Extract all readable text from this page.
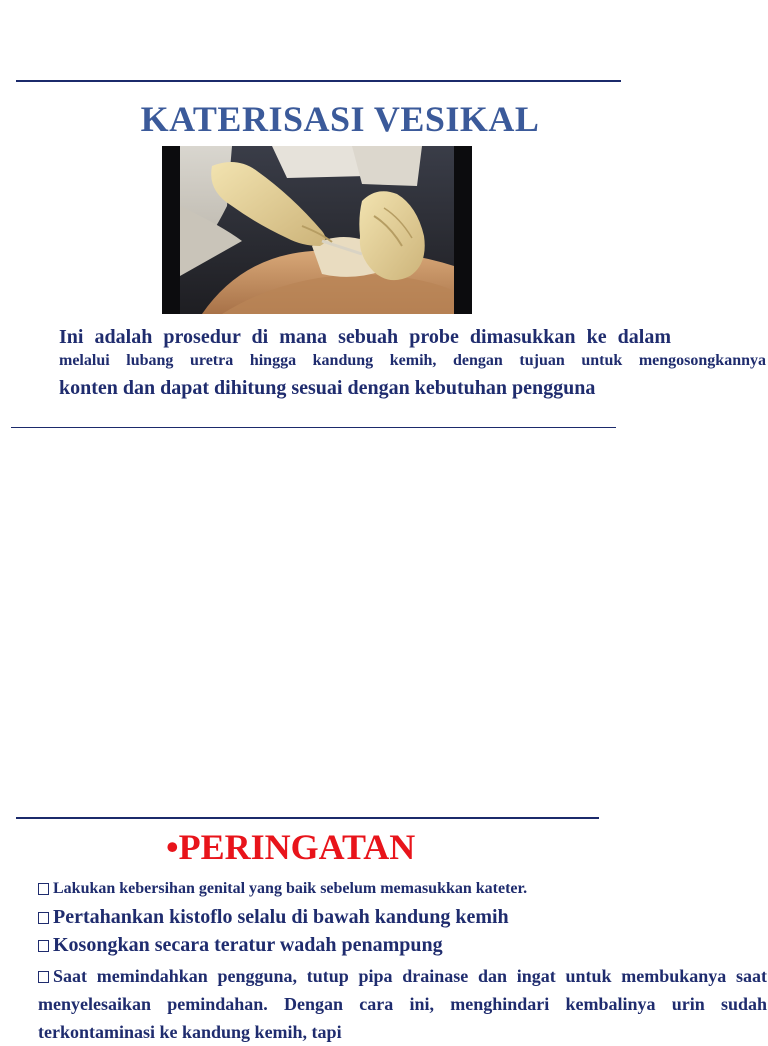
KATERISASI VESIKAL
Ini adalah prosedur di mana sebuah probe dimasukkan ke dalam
melalui lubang uretra hingga kandung kemih, dengan tujuan untuk mengosongkannya
konten dan dapat dihitung sesuai dengan kebutuhan pengguna
•PERINGATAN
Lakukan kebersihan genital yang baik sebelum memasukkan kateter.
Pertahankan kistoflo selalu di bawah kandung kemih
Kosongkan secara teratur wadah penampung
Saat memindahkan pengguna, tutup pipa drainase dan ingat untuk membukanya saat menyelesaikan pemindahan. Dengan cara ini, menghindari kembalinya urin sudah terkontaminasi ke kandung kemih, tapi
